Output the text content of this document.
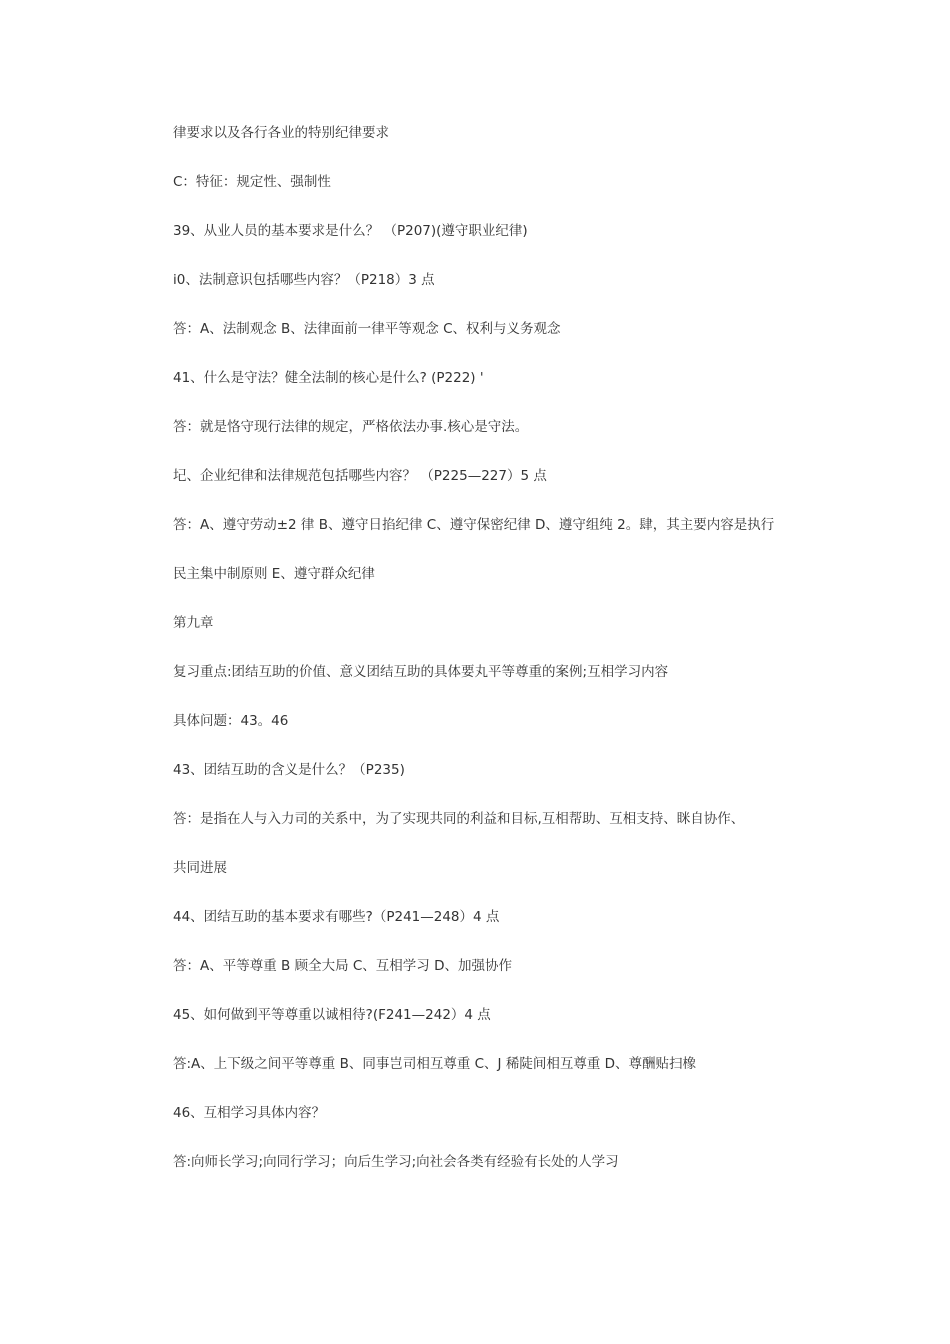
律要求以及各行各业的特别纪律要求

C：特征：规定性、强制性

39、从业人员的基本要求是什么？ （P207)(遵守职业纪律)

i0、法制意识包括哪些内容？（P218）3 点

答：A、法制观念 B、法律面前一律平等观念 C、权利与义务观念

41、什么是守法？健全法制的核心是什么? (P222) '

答：就是恪守现行法律的规定，严格依法办事.核心是守法。

圮、企业纪律和法律规范包括哪些内容？ （P225—227）5 点

答：A、遵守劳动±2 律 B、遵守日掐纪律 C、遵守保密纪律 D、遵守组纯 2。肆，其主要内容是执行

民主集中制原则 E、遵守群众纪律

第九章

复习重点:团结互助的价值、意义团结互助的具体要丸平等尊重的案例;互相学习内容

具体问题：43。46

43、团结互助的含义是什么？（P235)

答：是指在人与入力司的关系中，为了实现共同的利益和目标,互相帮助、互相支持、眯自协作、

共同进展

44、团结互助的基本要求有哪些?（P241—248）4 点

答：A、平等尊重 B 顾全大局 C、互相学习 D、加强协作

45、如何做到平等尊重以诚相待?(F241—242）4 点

答:A、上下级之间平等尊重 B、同事岂司相互尊重 C、J 稀陡间相互尊重 D、尊酬贴扫橡

46、互相学习具体内容？

答:向师长学习;向同行学习；向后生学习;向社会各类有经验有长处的人学习
